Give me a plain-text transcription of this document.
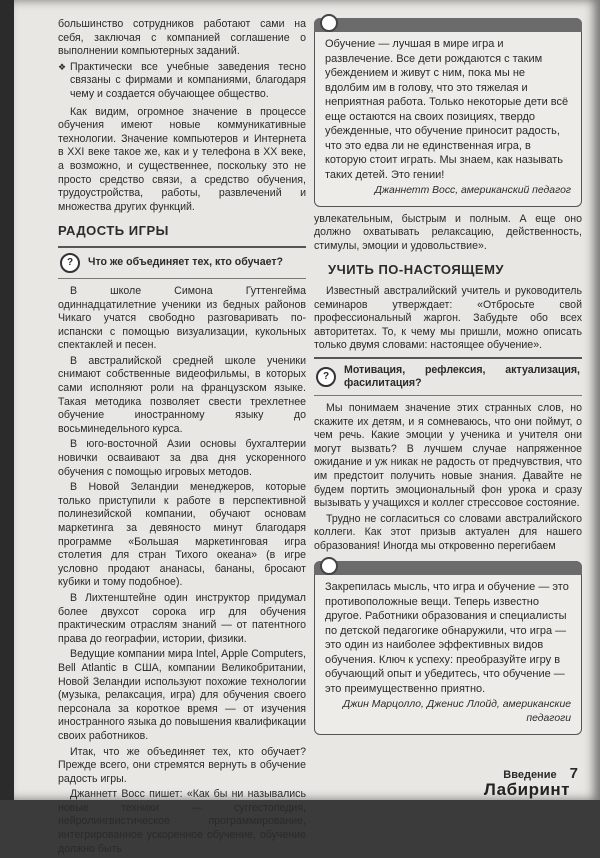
большинство сотрудников работают сами на себя, заключая с компанией соглашение о выполнении компьютерных заданий.

❖ Практически все учебные заведения тесно связаны с фирмами и компаниями, благодаря чему и создается обучающее общество.

Как видим, огромное значение в процессе обучения имеют новые коммуникативные технологии. Значение компьютеров и Интернета в XXI веке такое же, как и у телефона в XX веке, а возможно, и существеннее, поскольку это не просто средство связи, а средство обучения, трудоустройства, работы, развлечений и множества других функций.

РАДОСТЬ ИГРЫ
?	Что же объединяет тех, кто обучает?

В школе Симона Гуттенгейма одиннадцатилетние ученики из бедных районов Чикаго учатся свободно разговаривать по-испански с помощью визуализации, кукольных спектаклей и песен.

В австралийской средней школе ученики снимают собственные видеофильмы, в которых сами исполняют роли на французском языке. Такая методика позволяет свести трехлетнее обучение иностранному языку до восьминедельного курса.

В юго-восточной Азии основы бухгалтерии новички осваивают за два дня ускоренного обучения с помощью игровых методов.

В Новой Зеландии менеджеров, которые только приступили к работе в перспективной полинезийской компании, обучают основам маркетинга за девяносто минут благодаря программе «Большая маркетинговая игра столетия для стран Тихого океана» (в игре условно продают ананасы, бананы, бросают кубики и тому подобное).

В Лихтенштейне один инструктор придумал более двухсот сорока игр для обучения практическим отраслям знаний — от патентного права до географии, истории, физики.

Ведущие компании мира Intel, Apple Computers, Bell Atlantic в США, компании Великобритании, Новой Зеландии используют похожие технологии (музыка, релаксация, игра) для обучения своего персонала за короткое время — от изучения иностранного языка до повышения квалификации своих работников.

Итак, что же объединяет тех, кто обучает? Прежде всего, они стремятся вернуть в обучение радость игры.

Джаннетт Восс пишет: «Как бы ни назывались новые техники — суггестопедия, нейролингвистическое программирование, интегрированное ускоренное обучение, обучение должно быть

Обучение — лучшая в мире игра и развлечение. Все дети рождаются с таким убеждением и живут с ним, пока мы не вдолбим им в голову, что это тяжелая и неприятная работа. Только некоторые дети всё еще остаются на своих позициях, твердо убежденные, что обучение приносит радость, что это едва ли не единственная игра, в которую стоит играть. Мы знаем, как называть таких детей. Это гении!
Джаннетт Восс, американский педагог

увлекательным, быстрым и полным. А еще оно должно охватывать релаксацию, действенность, стимулы, эмоции и удовольствие».

УЧИТЬ ПО-НАСТОЯЩЕМУ

Известный австралийский учитель и руководитель семинаров утверждает: «Отбросьте свой профессиональный жаргон. Забудьте обо всех авторитетах. То, к чему мы пришли, можно описать только двумя словами: настоящее обучение».

?
Мотивация, рефлексия, актуализация, фасилитация?

Мы понимаем значение этих странных слов, но скажите их детям, и я сомневаюсь, что они поймут, о чем речь. Какие эмоции у ученика и учителя они могут вызвать? В лучшем случае напряженное ожидание и уж никак не радость от предчувствия, что им предстоит получить новые знания. Давайте не будем портить эмоциональный фон урока и сразу вызывать у учащихся и коллег стрессовое состояние.

Трудно не согласиться со словами австралийского коллеги. Как этот призыв актуален для нашего образования! Иногда мы откровенно перегибаем

Закрепилась мысль, что игра и обучение — это противоположные вещи. Теперь известно другое. Работники образования и специалисты по детской педагогике обнаружили, что игра — это один из наиболее эффективных видов обучения. Ключ к успеху: преобразуйте игру в обучающий опыт и убедитесь, что обучение — это преимущественно приятно.
Джин Марцолло, Дженис Ллойд, американские педагоги
Введение 7
Лабиринт
